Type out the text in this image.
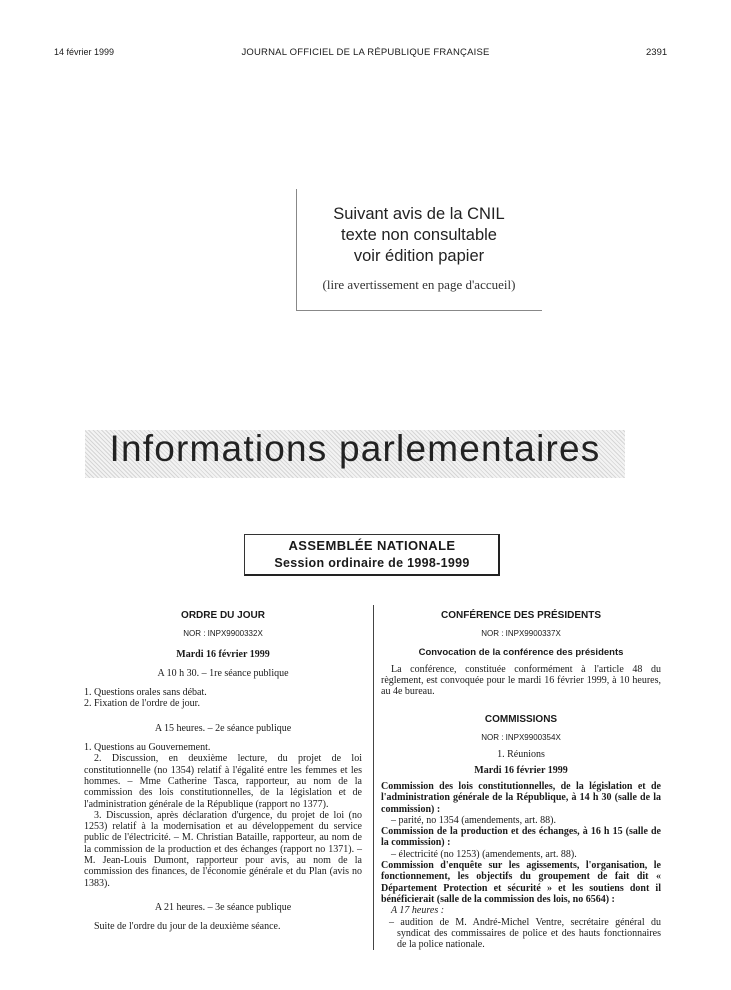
14 février 1999	JOURNAL OFFICIEL DE LA RÉPUBLIQUE FRANÇAISE	2391
Suivant avis de la CNIL
texte non consultable
voir édition papier
(lire avertissement en page d'accueil)
Informations parlementaires
ASSEMBLÉE NATIONALE
Session ordinaire de 1998-1999

ORDRE DU JOUR

NOR : INPX9900332X

Mardi 16 février 1999

A 10 h 30. – 1re séance publique

1. Questions orales sans débat.

2. Fixation de l'ordre de jour.

A 15 heures. – 2e séance publique

1. Questions au Gouvernement.

2. Discussion, en deuxième lecture, du projet de loi constitutionnelle (no 1354) relatif à l'égalité entre les femmes et les hommes. – Mme Catherine Tasca, rapporteur, au nom de la commission des lois constitutionnelles, de la législation et de l'administration générale de la République (rapport no 1377).

3. Discussion, après déclaration d'urgence, du projet de loi (no 1253) relatif à la modernisation et au développement du service public de l'électricité. – M. Christian Bataille, rapporteur, au nom de la commission de la production et des échanges (rapport no 1371). – M. Jean-Louis Dumont, rapporteur pour avis, au nom de la commission des finances, de l'économie générale et du Plan (avis no 1383).

A 21 heures. – 3e séance publique

Suite de l'ordre du jour de la deuxième séance.

CONFÉRENCE DES PRÉSIDENTS

NOR : INPX9900337X

Convocation de la conférence des présidents

La conférence, constituée conformément à l'article 48 du règlement, est convoquée pour le mardi 16 février 1999, à 10 heures, au 4e bureau.

COMMISSIONS

NOR : INPX9900354X

1. Réunions

Mardi 16 février 1999

Commission des lois constitutionnelles, de la législation et de l'administration générale de la République, à 14 h 30 (salle de la commission) :

– parité, no 1354 (amendements, art. 88).

Commission de la production et des échanges, à 16 h 15 (salle de la commission) :

– électricité (no 1253) (amendements, art. 88).

Commission d'enquête sur les agissements, l'organisation, le fonctionnement, les objectifs du groupement de fait dit « Département Protection et sécurité » et les soutiens dont il bénéficierait (salle de la commission des lois, no 6564) :

A 17 heures :

– audition de M. André-Michel Ventre, secrétaire général du syndicat des commissaires de police et des hauts fonctionnaires de la police nationale.
